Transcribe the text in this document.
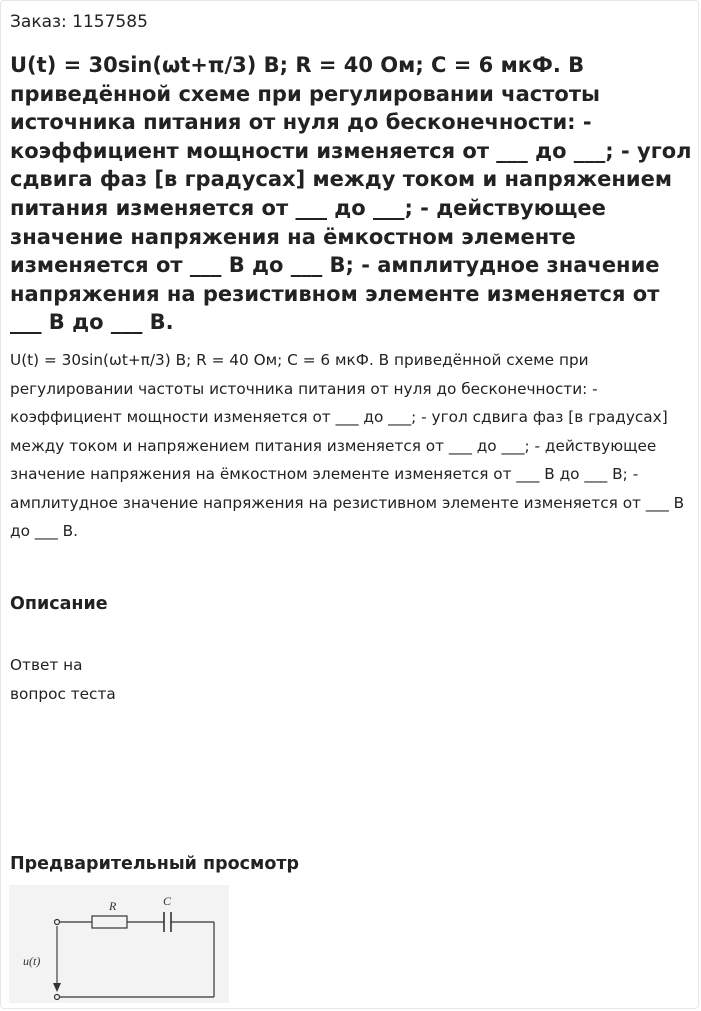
Заказ: 1157585
U(t) = 30sin(ωt+π/3) В; R = 40 Ом; C = 6 мкФ. В приведённой схеме при регулировании частоты источника питания от нуля до бесконечности: - коэффициент мощности изменяется от ___ до ___; - угол сдвига фаз [в градусах] между током и напряжением питания изменяется от ___ до ___; - действующее значение напряжения на ёмкостном элементе изменяется от ___ В до ___ В; - амплитудное значение напряжения на резистивном элементе изменяется от ___ В до ___ В.

U(t) = 30sin(ωt+π/3) В; R = 40 Ом; C = 6 мкФ. В приведённой схеме при регулировании частоты источника питания от нуля до бесконечности: - коэффициент мощности изменяется от ___ до ___; - угол сдвига фаз [в градусах] между током и напряжением питания изменяется от ___ до ___; - действующее значение напряжения на ёмкостном элементе изменяется от ___ В до ___ В; - амплитудное значение напряжения на резистивном элементе изменяется от ___ В до ___ В.

Описание
Ответ на
вопрос теста
Предварительный просмотр
R	C
u(t)
